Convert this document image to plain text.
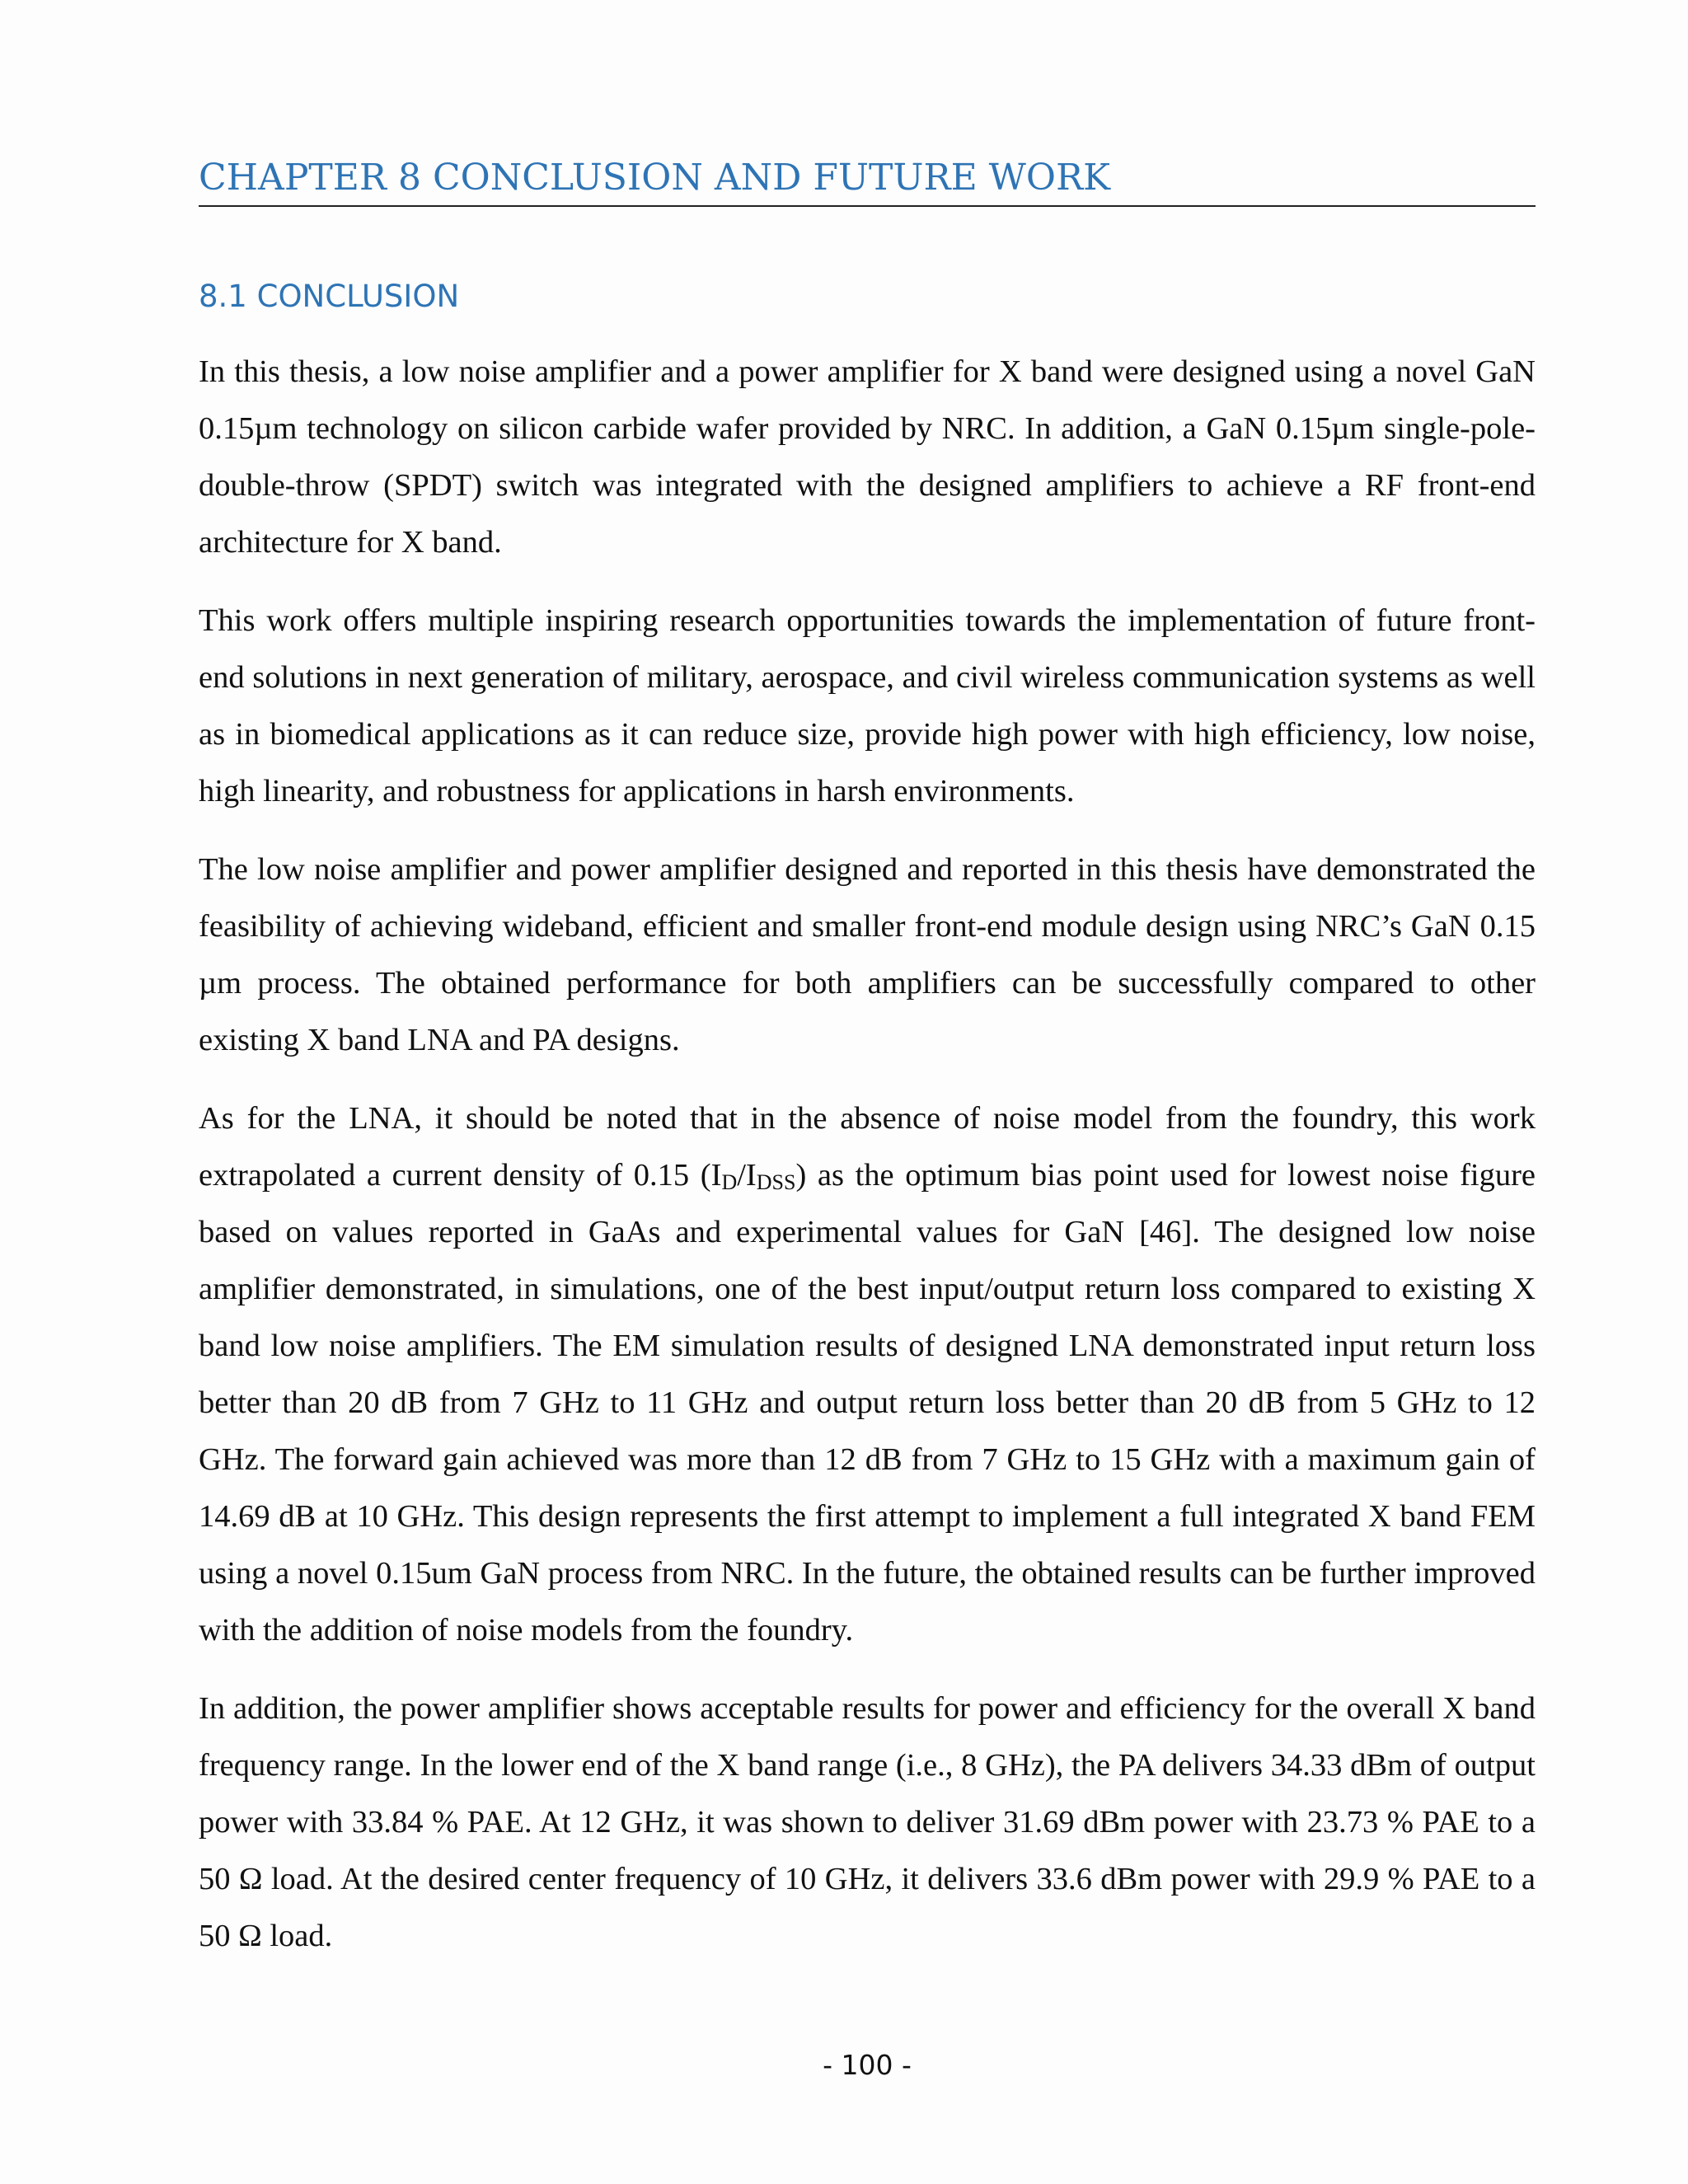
CHAPTER 8 CONCLUSION AND FUTURE WORK
8.1 CONCLUSION

In this thesis, a low noise amplifier and a power amplifier for X band were designed using a novel GaN 0.15µm technology on silicon carbide wafer provided by NRC. In addition, a GaN 0.15µm single-pole-double-throw (SPDT) switch was integrated with the designed amplifiers to achieve a RF front-end architecture for X band.

This work offers multiple inspiring research opportunities towards the implementation of future front-end solutions in next generation of military, aerospace, and civil wireless communication systems as well as in biomedical applications as it can reduce size, provide high power with high efficiency, low noise, high linearity, and robustness for applications in harsh environments.

The low noise amplifier and power amplifier designed and reported in this thesis have demonstrated the feasibility of achieving wideband, efficient and smaller front-end module design using NRC’s GaN 0.15 µm process. The obtained performance for both amplifiers can be successfully compared to other existing X band LNA and PA designs.

As for the LNA, it should be noted that in the absence of noise model from the foundry, this work extrapolated a current density of 0.15 $(I_D/I_{DSS})$ as the optimum bias point used for lowest noise figure based on values reported in GaAs and experimental values for GaN [46]. The designed low noise amplifier demonstrated, in simulations, one of the best input/output return loss compared to existing X band low noise amplifiers. The EM simulation results of designed LNA demonstrated input return loss better than 20 dB from 7 GHz to 11 GHz and output return loss better than 20 dB from 5 GHz to 12 GHz. The forward gain achieved was more than 12 dB from 7 GHz to 15 GHz with a maximum gain of 14.69 dB at 10 GHz. This design represents the first attempt to implement a full integrated X band FEM using a novel 0.15um GaN process from NRC. In the future, the obtained results can be further improved with the addition of noise models from the foundry.

In addition, the power amplifier shows acceptable results for power and efficiency for the overall X band frequency range. In the lower end of the X band range (i.e., 8 GHz), the PA delivers 34.33 dBm of output power with 33.84 % PAE. At 12 GHz, it was shown to deliver 31.69 dBm power with 23.73 % PAE to a 50 Ω load. At the desired center frequency of 10 GHz, it delivers 33.6 dBm power with 29.9 % PAE to a 50 Ω load.

- 100 -
